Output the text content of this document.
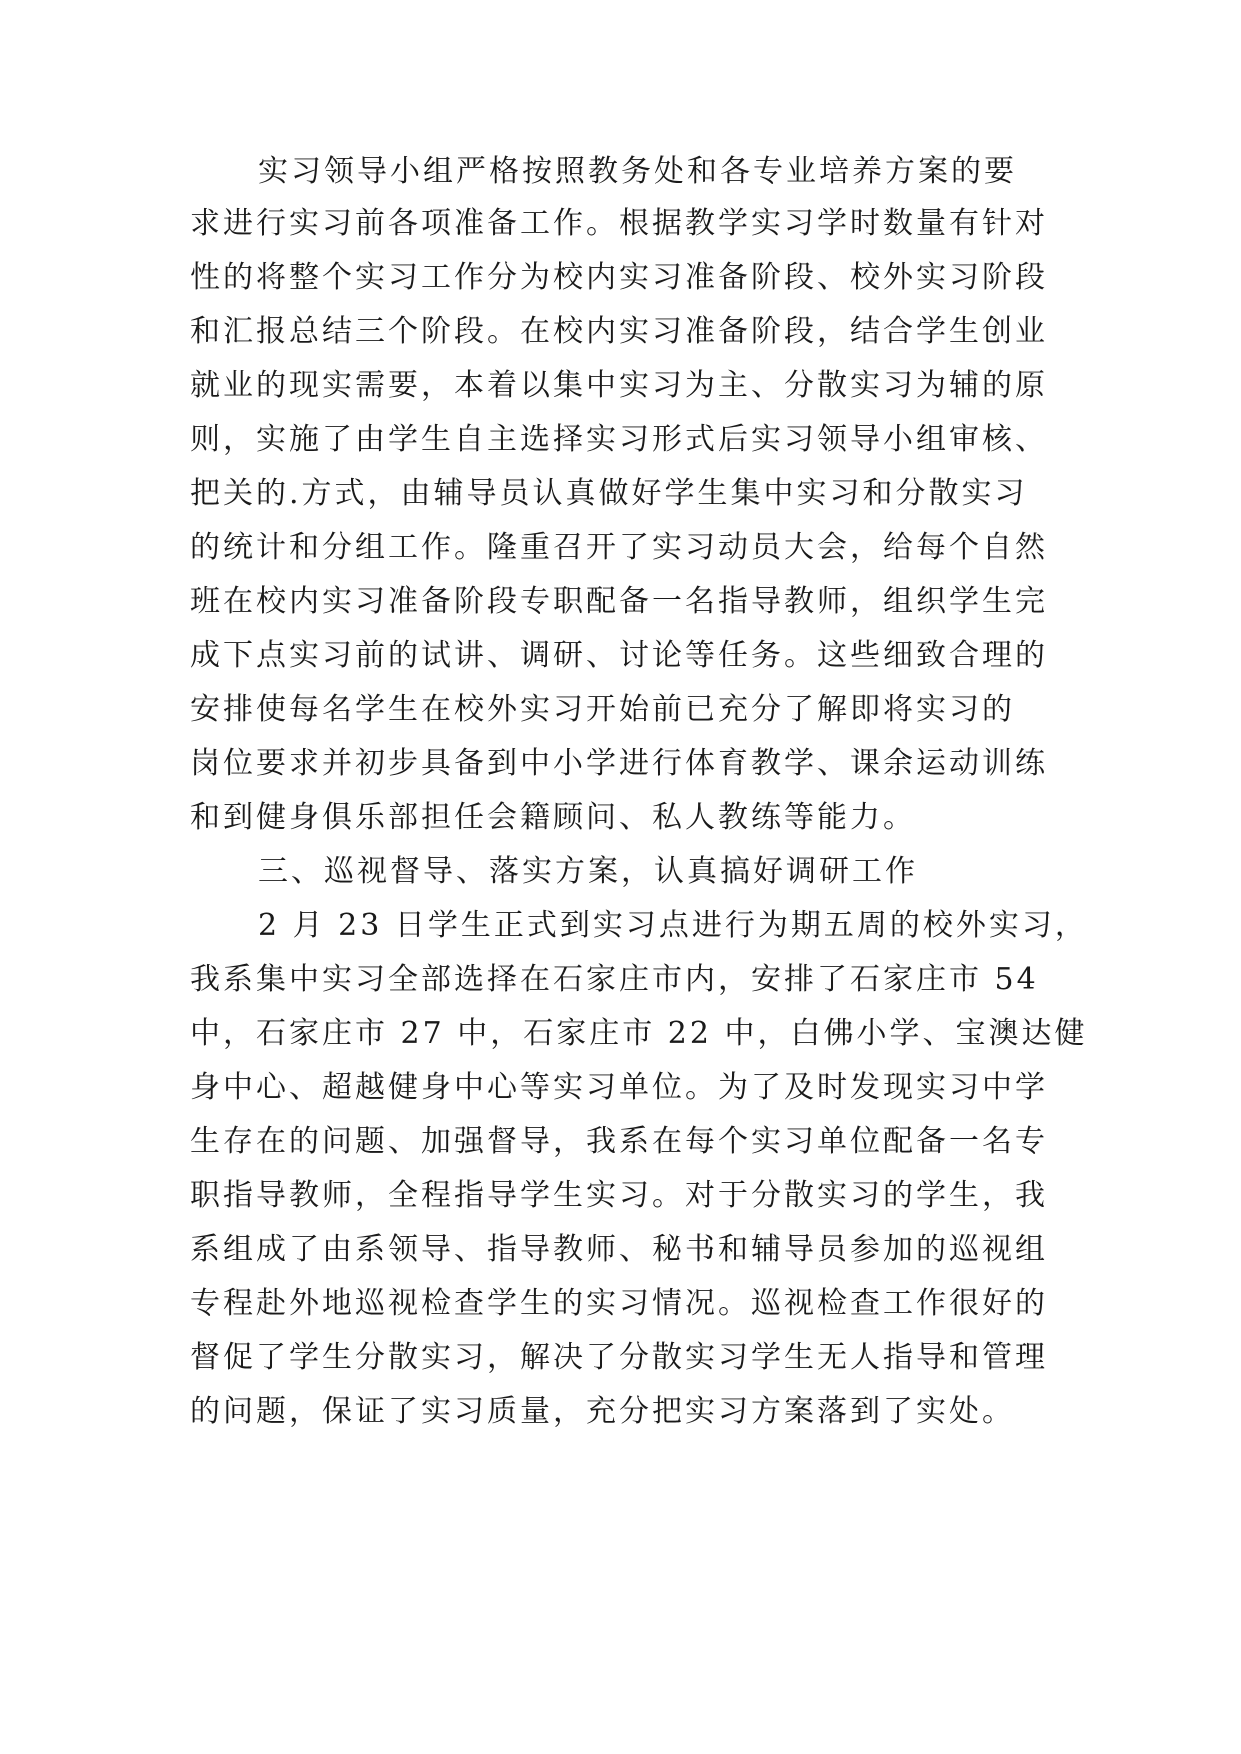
实习领导小组严格按照教务处和各专业培养方案的要
求进行实习前各项准备工作。根据教学实习学时数量有针对
性的将整个实习工作分为校内实习准备阶段、校外实习阶段
和汇报总结三个阶段。在校内实习准备阶段，结合学生创业
就业的现实需要，本着以集中实习为主、分散实习为辅的原
则，实施了由学生自主选择实习形式后实习领导小组审核、
把关的.方式，由辅导员认真做好学生集中实习和分散实习
的统计和分组工作。隆重召开了实习动员大会，给每个自然
班在校内实习准备阶段专职配备一名指导教师，组织学生完
成下点实习前的试讲、调研、讨论等任务。这些细致合理的
安排使每名学生在校外实习开始前已充分了解即将实习的
岗位要求并初步具备到中小学进行体育教学、课余运动训练
和到健身俱乐部担任会籍顾问、私人教练等能力。
三、巡视督导、落实方案，认真搞好调研工作
2 月 23 日学生正式到实习点进行为期五周的校外实习，
我系集中实习全部选择在石家庄市内，安排了石家庄市 54
中，石家庄市 27 中，石家庄市 22 中，白佛小学、宝澳达健
身中心、超越健身中心等实习单位。为了及时发现实习中学
生存在的问题、加强督导，我系在每个实习单位配备一名专
职指导教师，全程指导学生实习。对于分散实习的学生，我
系组成了由系领导、指导教师、秘书和辅导员参加的巡视组
专程赴外地巡视检查学生的实习情况。巡视检查工作很好的
督促了学生分散实习，解决了分散实习学生无人指导和管理
的问题，保证了实习质量，充分把实习方案落到了实处。
